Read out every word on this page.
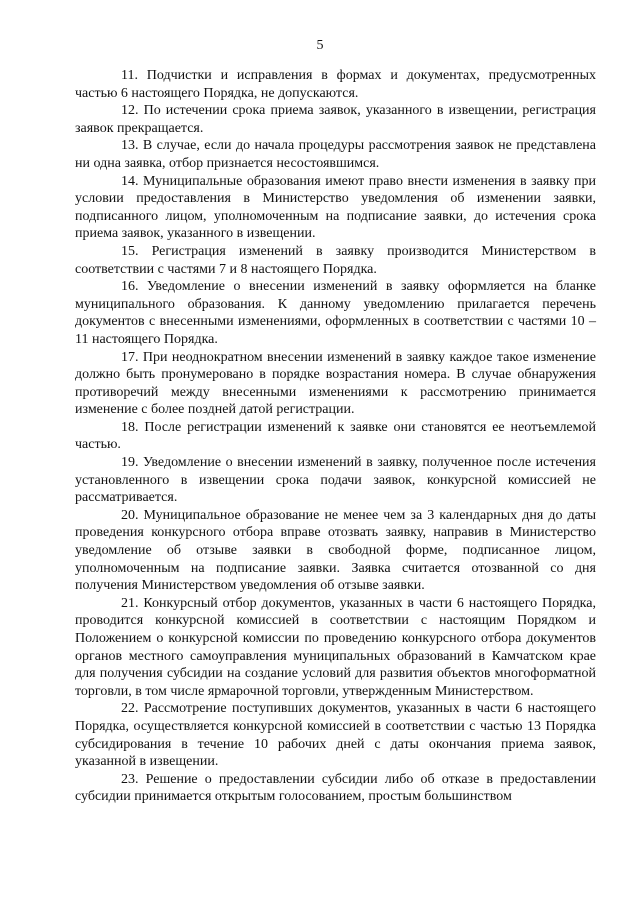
5

11. Подчистки и исправления в формах и документах, предусмотренных частью 6 настоящего Порядка, не допускаются.

12. По истечении срока приема заявок, указанного в извещении, регистрация заявок прекращается.

13. В случае, если до начала процедуры рассмотрения заявок не представлена ни одна заявка, отбор признается несостоявшимся.

14. Муниципальные образования имеют право внести изменения в заявку при условии предоставления в Министерство уведомления об изменении заявки, подписанного лицом, уполномоченным на подписание заявки, до истечения срока приема заявок, указанного в извещении.

15. Регистрация изменений в заявку производится Министерством в соответствии с частями 7 и 8 настоящего Порядка.

16. Уведомление о внесении изменений в заявку оформляется на бланке муниципального образования. К данному уведомлению прилагается перечень документов с внесенными изменениями, оформленных в соответствии с частями 10 – 11 настоящего Порядка.

17. При неоднократном внесении изменений в заявку каждое такое изменение должно быть пронумеровано в порядке возрастания номера. В случае обнаружения противоречий между внесенными изменениями к рассмотрению принимается изменение с более поздней датой регистрации.

18. После регистрации изменений к заявке они становятся ее неотъемлемой частью.

19. Уведомление о внесении изменений в заявку, полученное после истечения установленного в извещении срока подачи заявок, конкурсной комиссией не рассматривается.

20. Муниципальное образование не менее чем за 3 календарных дня до даты проведения конкурсного отбора вправе отозвать заявку, направив в Министерство уведомление об отзыве заявки в свободной форме, подписанное лицом, уполномоченным на подписание заявки. Заявка считается отозванной со дня получения Министерством уведомления об отзыве заявки.

21. Конкурсный отбор документов, указанных в части 6 настоящего Порядка, проводится конкурсной комиссией в соответствии с настоящим Порядком и Положением о конкурсной комиссии по проведению конкурсного отбора документов органов местного самоуправления муниципальных образований в Камчатском крае для получения субсидии на создание условий для развития объектов многоформатной торговли, в том числе ярмарочной торговли, утвержденным Министерством.

22. Рассмотрение поступивших документов, указанных в части 6 настоящего Порядка, осуществляется конкурсной комиссией в соответствии с частью 13 Порядка субсидирования в течение 10 рабочих дней с даты окончания приема заявок, указанной в извещении.

23. Решение о предоставлении субсидии либо об отказе в предоставлении субсидии принимается открытым голосованием, простым большинством
